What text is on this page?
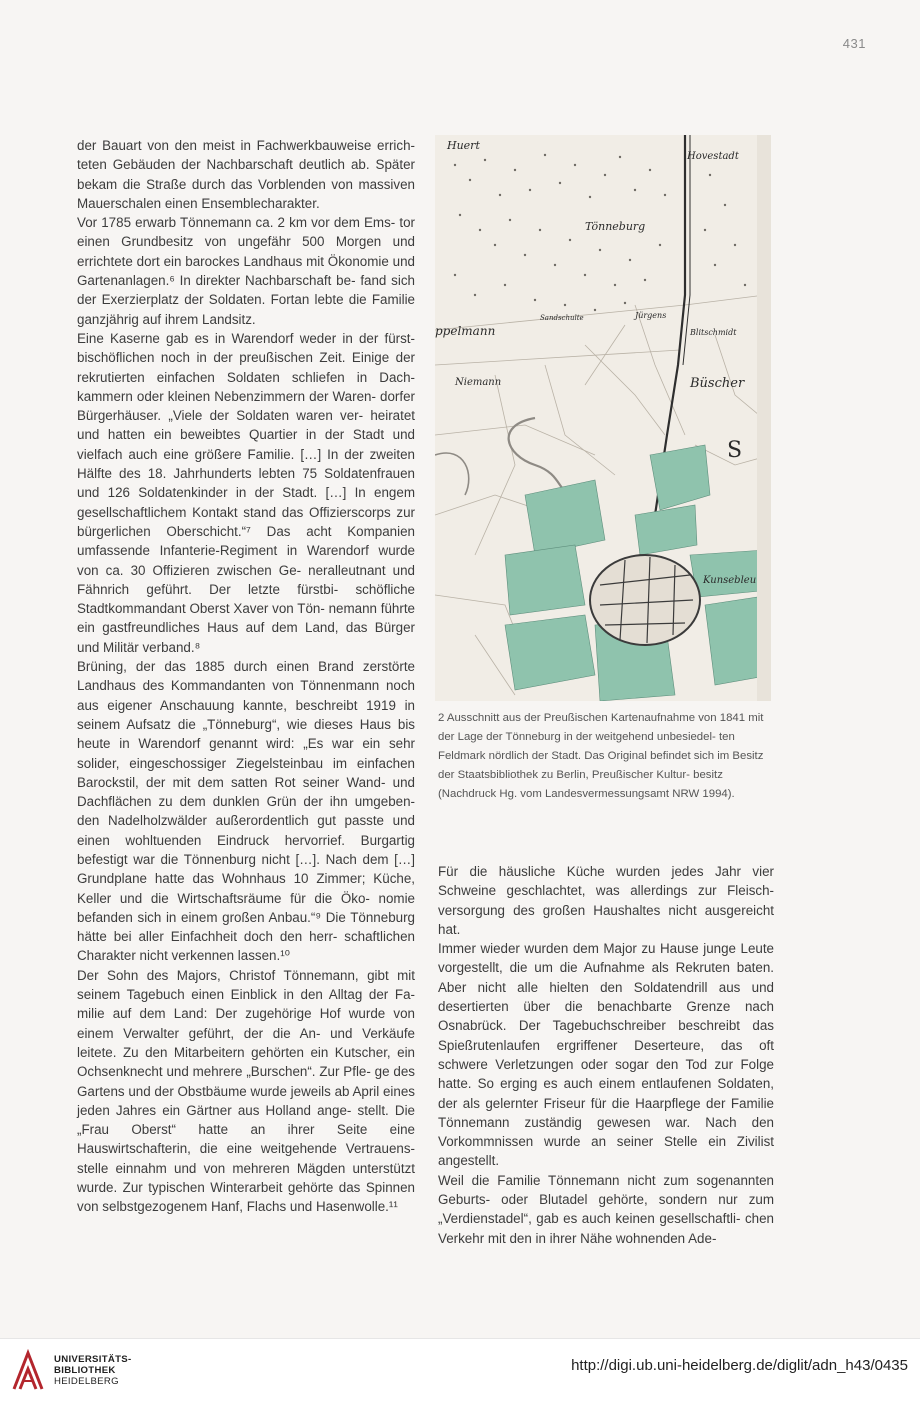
431

der Bauart von den meist in Fachwerkbauweise errich- teten Gebäuden der Nachbarschaft deutlich ab. Später bekam die Straße durch das Vorblenden von massiven Mauerschalen einen Ensemblecharakter.

Vor 1785 erwarb Tönnemann ca. 2 km vor dem Ems- tor einen Grundbesitz von ungefähr 500 Morgen und errichtete dort ein barockes Landhaus mit Ökonomie und Gartenanlagen.⁶ In direkter Nachbarschaft be- fand sich der Exerzierplatz der Soldaten. Fortan lebte die Familie ganzjährig auf ihrem Landsitz.

Eine Kaserne gab es in Warendorf weder in der fürst- bischöflichen noch in der preußischen Zeit. Einige der rekrutierten einfachen Soldaten schliefen in Dach- kammern oder kleinen Nebenzimmern der Waren- dorfer Bürgerhäuser. „Viele der Soldaten waren ver- heiratet und hatten ein beweibtes Quartier in der Stadt und vielfach auch eine größere Familie. […] In der zweiten Hälfte des 18. Jahrhunderts lebten 75 Soldatenfrauen und 126 Soldatenkinder in der Stadt. […] In engem gesellschaftlichem Kontakt stand das Offizierscorps zur bürgerlichen Oberschicht.“⁷ Das acht Kompanien umfassende Infanterie-Regiment in Warendorf wurde von ca. 30 Offizieren zwischen Ge- neralleutnant und Fähnrich geführt. Der letzte fürstbi- schöfliche Stadtkommandant Oberst Xaver von Tön- nemann führte ein gastfreundliches Haus auf dem Land, das Bürger und Militär verband.⁸

Brüning, der das 1885 durch einen Brand zerstörte Landhaus des Kommandanten von Tönnenmann noch aus eigener Anschauung kannte, beschreibt 1919 in seinem Aufsatz die „Tönneburg“, wie dieses Haus bis heute in Warendorf genannt wird: „Es war ein sehr solider, eingeschossiger Ziegelsteinbau im einfachen Barockstil, der mit dem satten Rot seiner Wand- und Dachflächen zu dem dunklen Grün der ihn umgeben- den Nadelholzwälder außerordentlich gut passte und einen wohltuenden Eindruck hervorrief. Burgartig befestigt war die Tönnenburg nicht […]. Nach dem […] Grundplane hatte das Wohnhaus 10 Zimmer; Küche, Keller und die Wirtschaftsräume für die Öko- nomie befanden sich in einem großen Anbau.“⁹ Die Tönneburg hätte bei aller Einfachheit doch den herr- schaftlichen Charakter nicht verkennen lassen.¹⁰

Der Sohn des Majors, Christof Tönnemann, gibt mit seinem Tagebuch einen Einblick in den Alltag der Fa- milie auf dem Land: Der zugehörige Hof wurde von einem Verwalter geführt, der die An- und Verkäufe leitete. Zu den Mitarbeitern gehörten ein Kutscher, ein Ochsenknecht und mehrere „Burschen“. Zur Pfle- ge des Gartens und der Obstbäume wurde jeweils ab April eines jeden Jahres ein Gärtner aus Holland ange- stellt. Die „Frau Oberst“ hatte an ihrer Seite eine Hauswirtschafterin, die eine weitgehende Vertrauens- stelle einnahm und von mehreren Mägden unterstützt wurde. Zur typischen Winterarbeit gehörte das Spinnen von selbstgezogenem Hanf, Flachs und Hasenwolle.¹¹

Huert
Hovestadt
Tönneburg
ppelmann
Sandschulte	Jürgens
Blitschmidt
Niemann	Büscher
Kunsebleu
S

2 Ausschnitt aus der Preußischen Kartenaufnahme von 1841 mit der Lage der Tönneburg in der weitgehend unbesiedel- ten Feldmark nördlich der Stadt. Das Original befindet sich im Besitz der Staatsbibliothek zu Berlin, Preußischer Kultur- besitz (Nachdruck Hg. vom Landesvermessungsamt NRW 1994).

Für die häusliche Küche wurden jedes Jahr vier Schweine geschlachtet, was allerdings zur Fleisch- versorgung des großen Haushaltes nicht ausgereicht hat.

Immer wieder wurden dem Major zu Hause junge Leute vorgestellt, die um die Aufnahme als Rekruten baten. Aber nicht alle hielten den Soldatendrill aus und desertierten über die benachbarte Grenze nach Osnabrück. Der Tagebuchschreiber beschreibt das Spießrutenlaufen ergriffener Deserteure, das oft schwere Verletzungen oder sogar den Tod zur Folge hatte. So erging es auch einem entlaufenen Soldaten, der als gelernter Friseur für die Haarpflege der Familie Tönnemann zuständig gewesen war. Nach den Vorkommnissen wurde an seiner Stelle ein Zivilist angestellt.

Weil die Familie Tönnemann nicht zum sogenannten Geburts- oder Blutadel gehörte, sondern nur zum „Verdienstadel“, gab es auch keinen gesellschaftli- chen Verkehr mit den in ihrer Nähe wohnenden Ade-

UNIVERSITÄTS-
BIBLIOTHEK
HEIDELBERG
http://digi.ub.uni-heidelberg.de/diglit/adn_h43/0435
